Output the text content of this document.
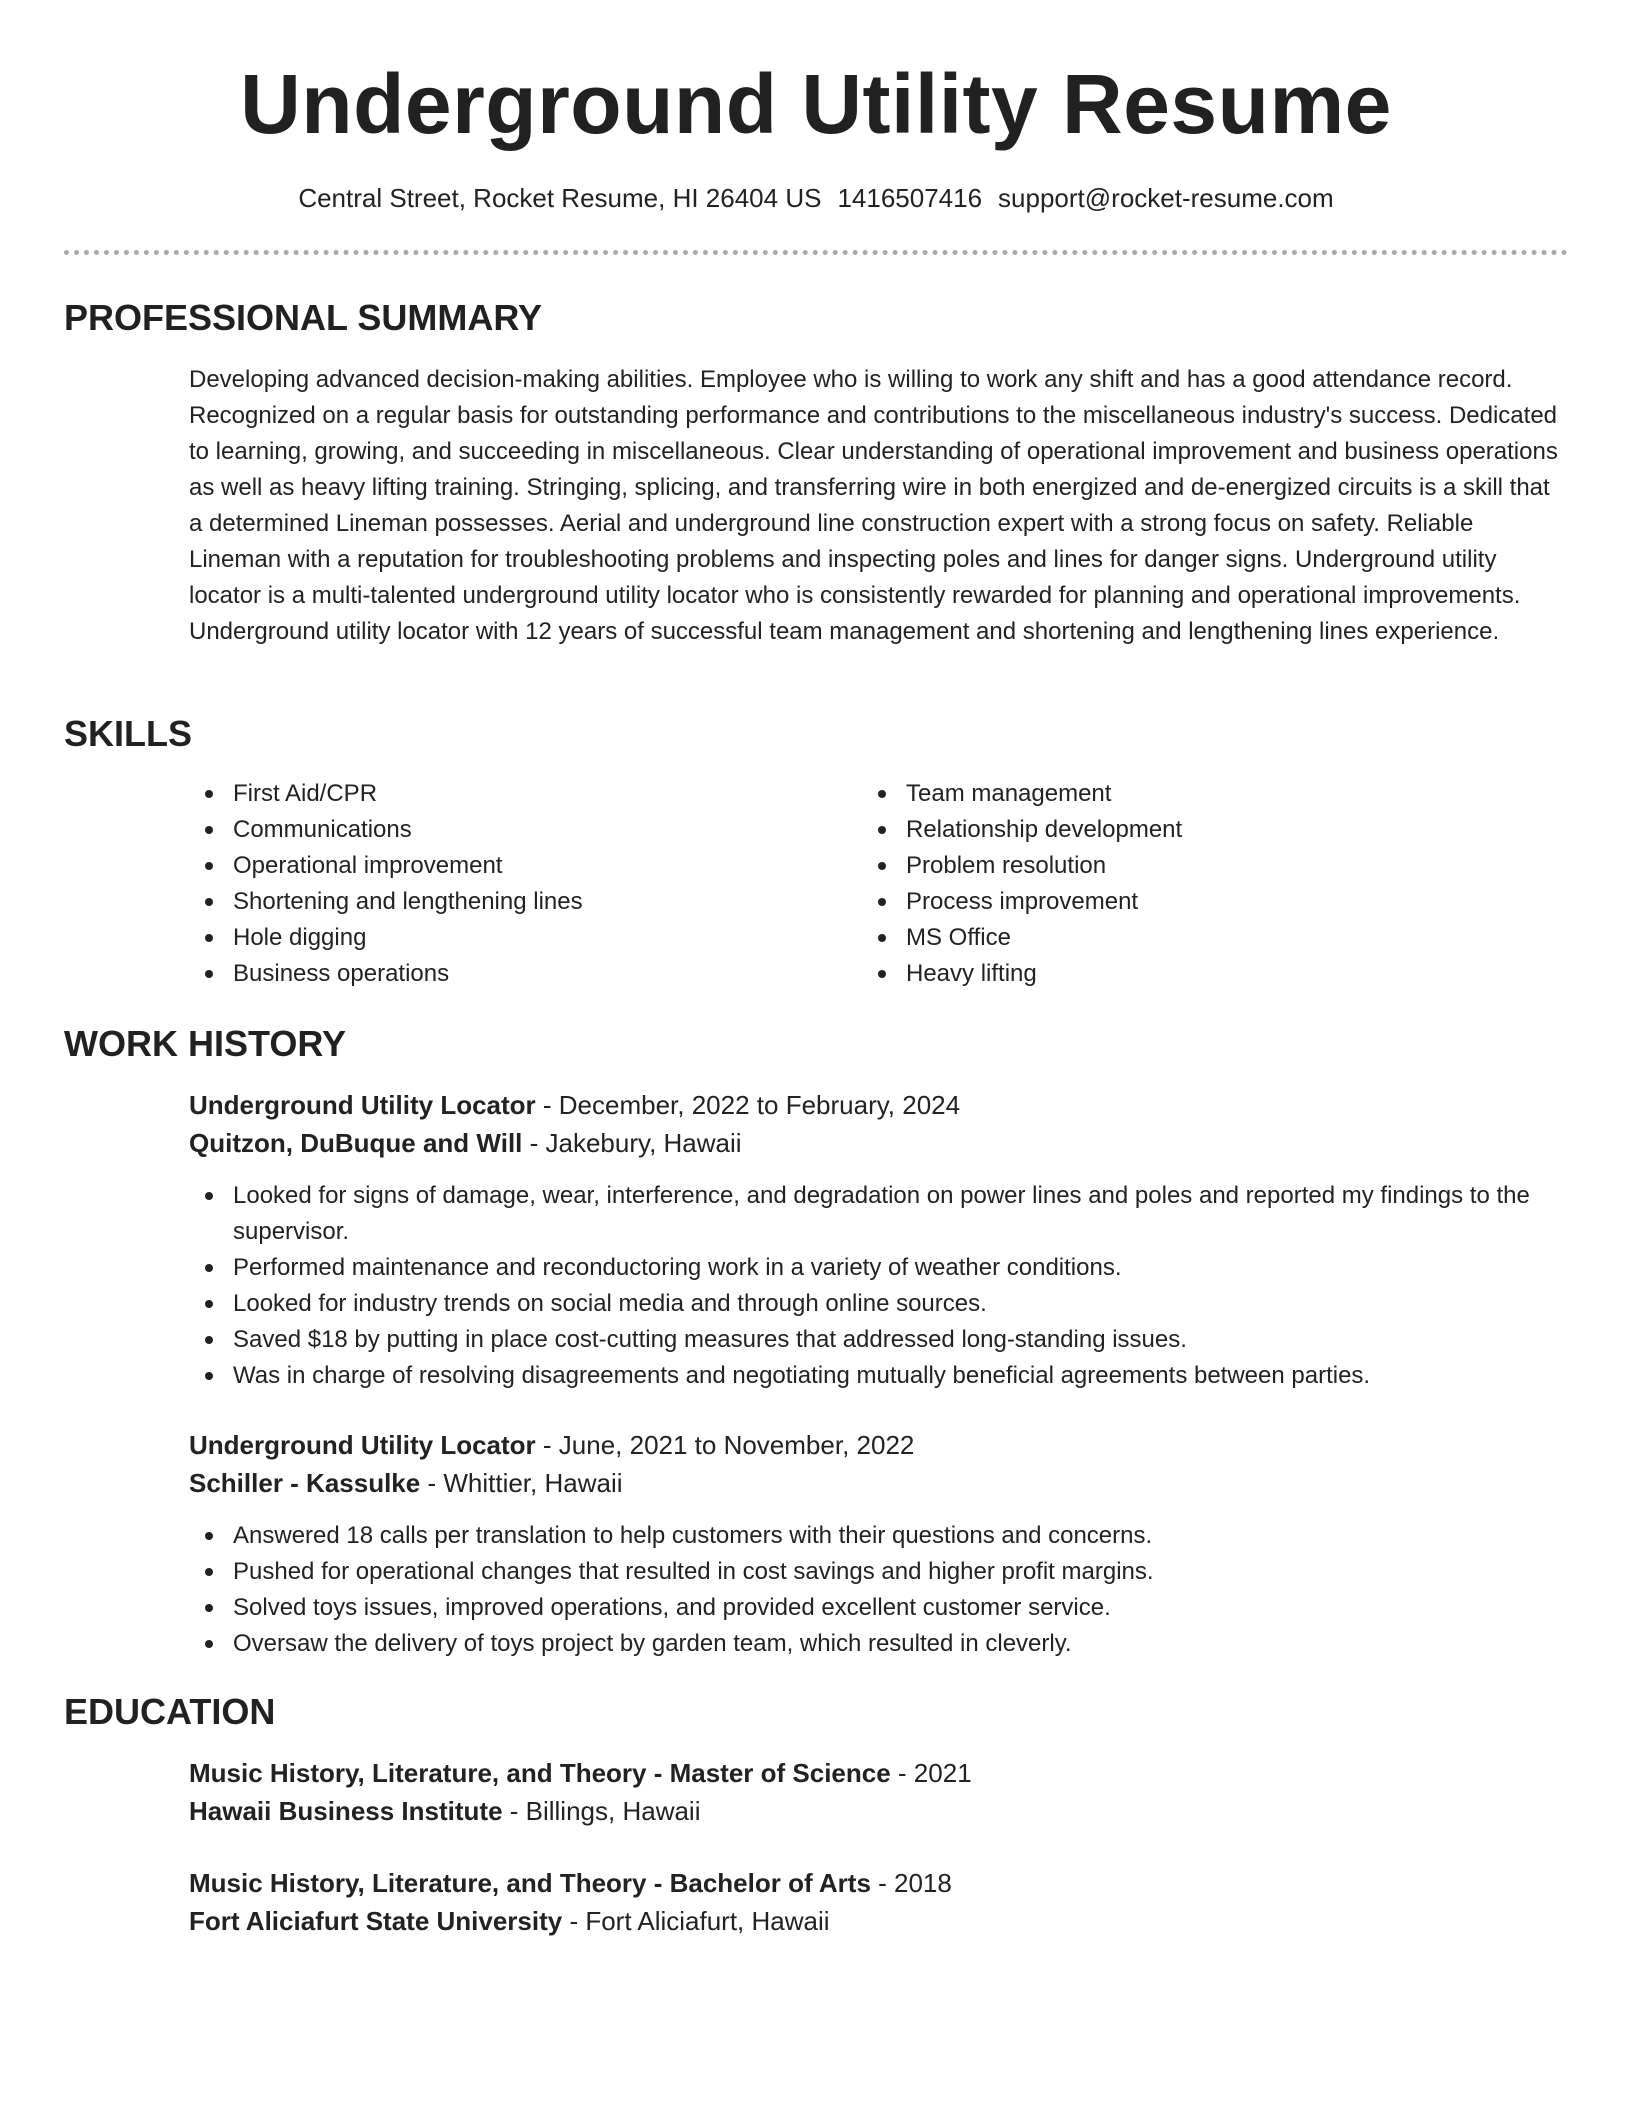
Underground Utility Resume
Central Street, Rocket Resume, HI 26404 US 1416507416 support@rocket-resume.com
PROFESSIONAL SUMMARY
Developing advanced decision-making abilities. Employee who is willing to work any shift and has a good attendance record. Recognized on a regular basis for outstanding performance and contributions to the miscellaneous industry's success. Dedicated to learning, growing, and succeeding in miscellaneous. Clear understanding of operational improvement and business operations as well as heavy lifting training. Stringing, splicing, and transferring wire in both energized and de-energized circuits is a skill that a determined Lineman possesses. Aerial and underground line construction expert with a strong focus on safety. Reliable Lineman with a reputation for troubleshooting problems and inspecting poles and lines for danger signs. Underground utility locator is a multi-talented underground utility locator who is consistently rewarded for planning and operational improvements. Underground utility locator with 12 years of successful team management and shortening and lengthening lines experience.
SKILLS
First Aid/CPR
Communications
Operational improvement
Shortening and lengthening lines
Hole digging
Business operations
Team management
Relationship development
Problem resolution
Process improvement
MS Office
Heavy lifting
WORK HISTORY
Underground Utility Locator - December, 2022 to February, 2024
Quitzon, DuBuque and Will - Jakebury, Hawaii
Looked for signs of damage, wear, interference, and degradation on power lines and poles and reported my findings to the supervisor.
Performed maintenance and reconductoring work in a variety of weather conditions.
Looked for industry trends on social media and through online sources.
Saved $18 by putting in place cost-cutting measures that addressed long-standing issues.
Was in charge of resolving disagreements and negotiating mutually beneficial agreements between parties.
Underground Utility Locator - June, 2021 to November, 2022
Schiller - Kassulke - Whittier, Hawaii
Answered 18 calls per translation to help customers with their questions and concerns.
Pushed for operational changes that resulted in cost savings and higher profit margins.
Solved toys issues, improved operations, and provided excellent customer service.
Oversaw the delivery of toys project by garden team, which resulted in cleverly.
EDUCATION
Music History, Literature, and Theory - Master of Science - 2021
Hawaii Business Institute - Billings, Hawaii
Music History, Literature, and Theory - Bachelor of Arts - 2018
Fort Aliciafurt State University - Fort Aliciafurt, Hawaii
